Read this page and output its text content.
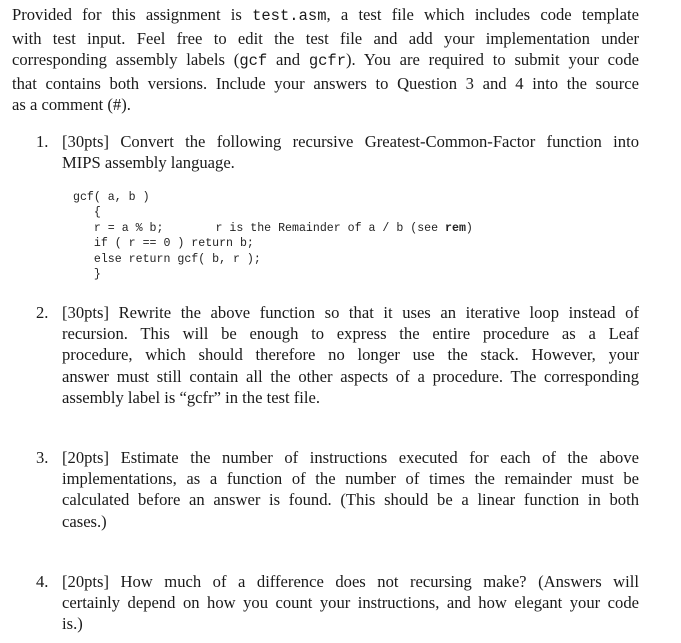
Provided for this assignment is test.asm, a test file which includes code template
with test input. Feel free to edit the test file and add your implementation under
corresponding assembly labels (gcf and gcfr). You are required to submit your code
that contains both versions. Include your answers to Question 3 and 4 into the source
as a comment (#).
1. [30pts] Convert the following recursive Greatest-Common-Factor function into
MIPS assembly language.
gcf( a, b )
{
r = a % b;	r is the Remainder of a / b (see rem)
if ( r == 0 ) return b;
else return gcf( b, r );
}
2. [30pts] Rewrite the above function so that it uses an iterative loop instead of
recursion. This will be enough to express the entire procedure as a Leaf
procedure, which should therefore no longer use the stack. However, your
answer must still contain all the other aspects of a procedure. The corresponding
assembly label is “gcfr” in the test file.
3. [20pts] Estimate the number of instructions executed for each of the above
implementations, as a function of the number of times the remainder must be
calculated before an answer is found. (This should be a linear function in both
cases.)
4. [20pts] How much of a difference does not recursing make? (Answers will
certainly depend on how you count your instructions, and how elegant your code
is.)
